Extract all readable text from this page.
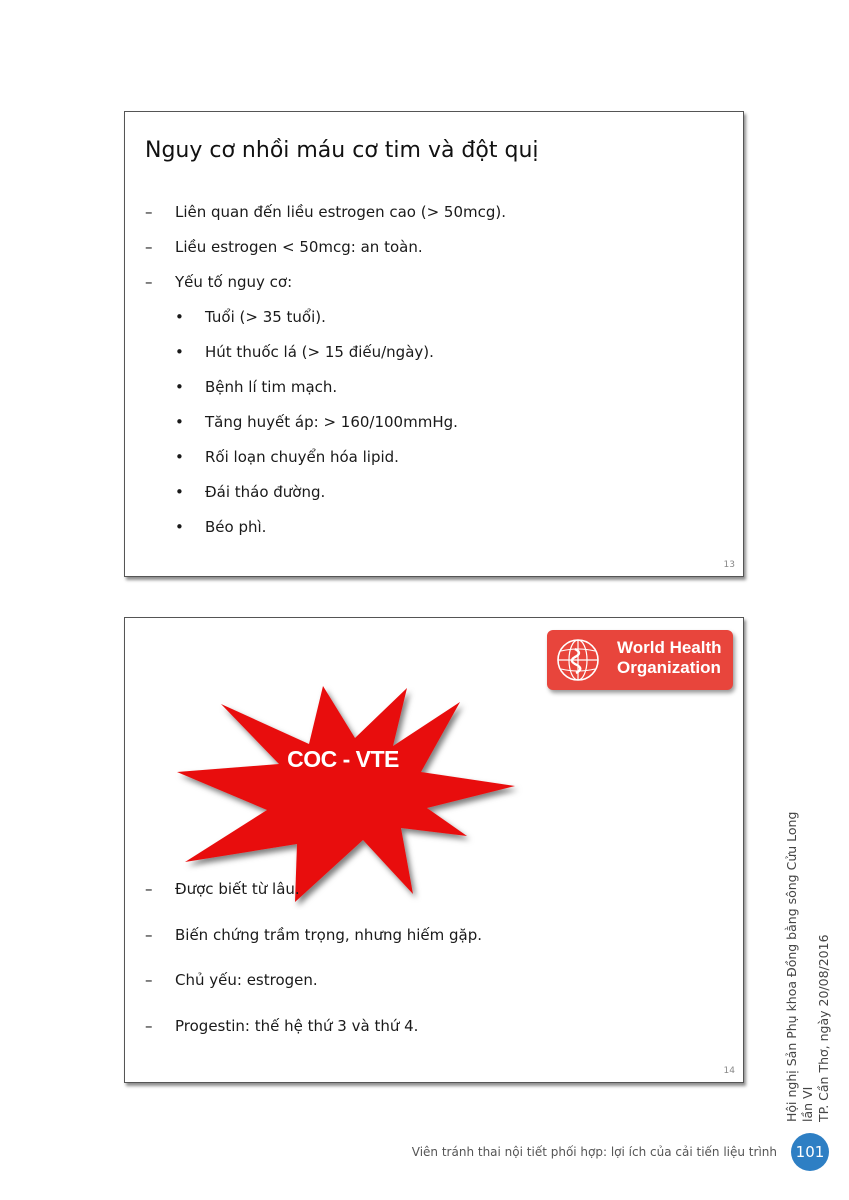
Nguy cơ nhồi máu cơ tim và đột quị
– Liên quan đến liều estrogen cao (> 50mcg).
– Liều estrogen < 50mcg: an toàn.
– Yếu tố nguy cơ:
• Tuổi (> 35 tuổi).
• Hút thuốc lá (> 15 điếu/ngày).
• Bệnh lí tim mạch.
• Tăng huyết áp: > 160/100mmHg.
• Rối loạn chuyển hóa lipid.
• Đái tháo đường.
• Béo phì.
13
World Health
Organization
COC - VTE
– Được biết từ lâu.
– Biến chứng trầm trọng, nhưng hiếm gặp.
– Chủ yếu: estrogen.
– Progestin: thế hệ thứ 3 và thứ 4.
14	Hội nghị Sản Phụ khoa Đồng bằng sông Cửu Long lần VI TP. Cần Thơ, ngày 20/08/2016
Viên tránh thai nội tiết phối hợp: lợi ích của cải tiến liệu trình	101
